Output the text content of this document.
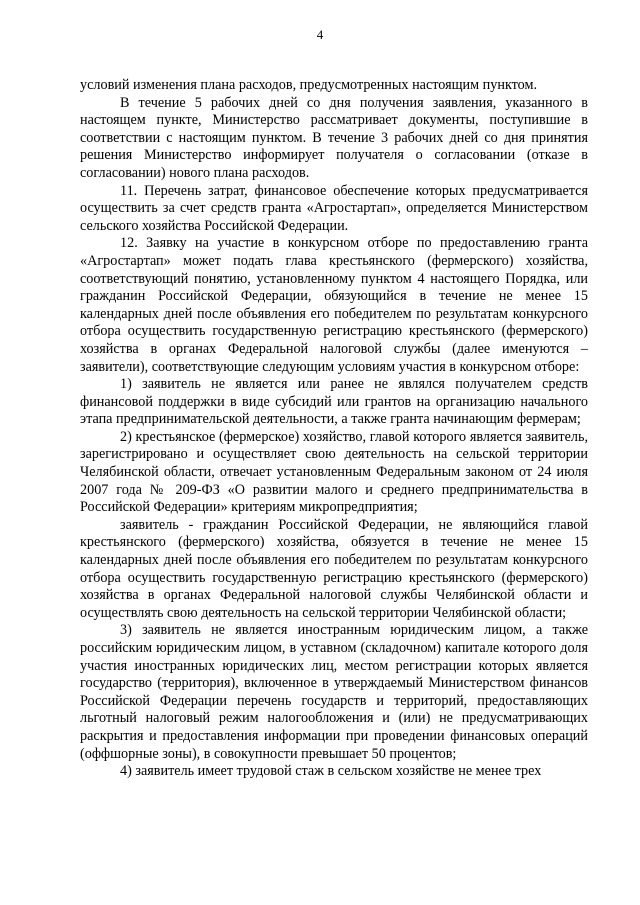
4

условий изменения плана расходов, предусмотренных настоящим пунктом.

В течение 5 рабочих дней со дня получения заявления, указанного в настоящем пункте, Министерство рассматривает документы, поступившие в соответствии с настоящим пунктом. В течение 3 рабочих дней со дня принятия решения Министерство информирует получателя о согласовании (отказе в согласовании) нового плана расходов.

11. Перечень затрат, финансовое обеспечение которых предусматривается осуществить за счет средств гранта «Агростартап», определяется Министерством сельского хозяйства Российской Федерации.

12. Заявку на участие в конкурсном отборе по предоставлению гранта «Агростартап» может подать глава крестьянского (фермерского) хозяйства, соответствующий понятию, установленному пунктом 4 настоящего Порядка, или гражданин Российской Федерации, обязующийся в течение не менее 15 календарных дней после объявления его победителем по результатам конкурсного отбора осуществить государственную регистрацию крестьянского (фермерского) хозяйства в органах Федеральной налоговой службы (далее именуются – заявители), соответствующие следующим условиям участия в конкурсном отборе:

1) заявитель не является или ранее не являлся получателем средств финансовой поддержки в виде субсидий или грантов на организацию начального этапа предпринимательской деятельности, а также гранта начинающим фермерам;

2) крестьянское (фермерское) хозяйство, главой которого является заявитель, зарегистрировано и осуществляет свою деятельность на сельской территории Челябинской области, отвечает установленным Федеральным законом от 24 июля 2007 года № 209-ФЗ «О развитии малого и среднего предпринимательства в Российской Федерации» критериям микропредприятия;

заявитель - гражданин Российской Федерации, не являющийся главой крестьянского (фермерского) хозяйства, обязуется в течение не менее 15 календарных дней после объявления его победителем по результатам конкурсного отбора осуществить государственную регистрацию крестьянского (фермерского) хозяйства в органах Федеральной налоговой службы Челябинской области и осуществлять свою деятельность на сельской территории Челябинской области;

3) заявитель не является иностранным юридическим лицом, а также российским юридическим лицом, в уставном (складочном) капитале которого доля участия иностранных юридических лиц, местом регистрации которых является государство (территория), включенное в утверждаемый Министерством финансов Российской Федерации перечень государств и территорий, предоставляющих льготный налоговый режим налогообложения и (или) не предусматривающих раскрытия и предоставления информации при проведении финансовых операций (оффшорные зоны), в совокупности превышает 50 процентов;

4) заявитель имеет трудовой стаж в сельском хозяйстве не менее трех
